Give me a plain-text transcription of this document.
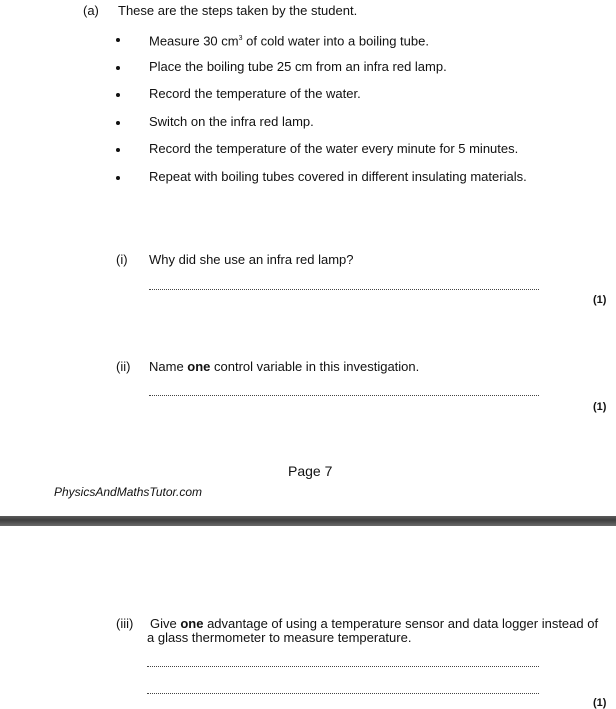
(a) These are the steps taken by the student.
Measure 30 $cm^3$ of cold water into a boiling tube.
Place the boiling tube 25 cm from an infra red lamp.
Record the temperature of the water.
Switch on the infra red lamp.
Record the temperature of the water every minute for 5 minutes.
Repeat with boiling tubes covered in different insulating materials.
(i) Why did she use an infra red lamp?
(1)
(ii) Name one control variable in this investigation.
(1)
Page 7
PhysicsAndMathsTutor.com
(iii) Give one advantage of using a temperature sensor and data logger instead of
a glass thermometer to measure temperature.
(1)
